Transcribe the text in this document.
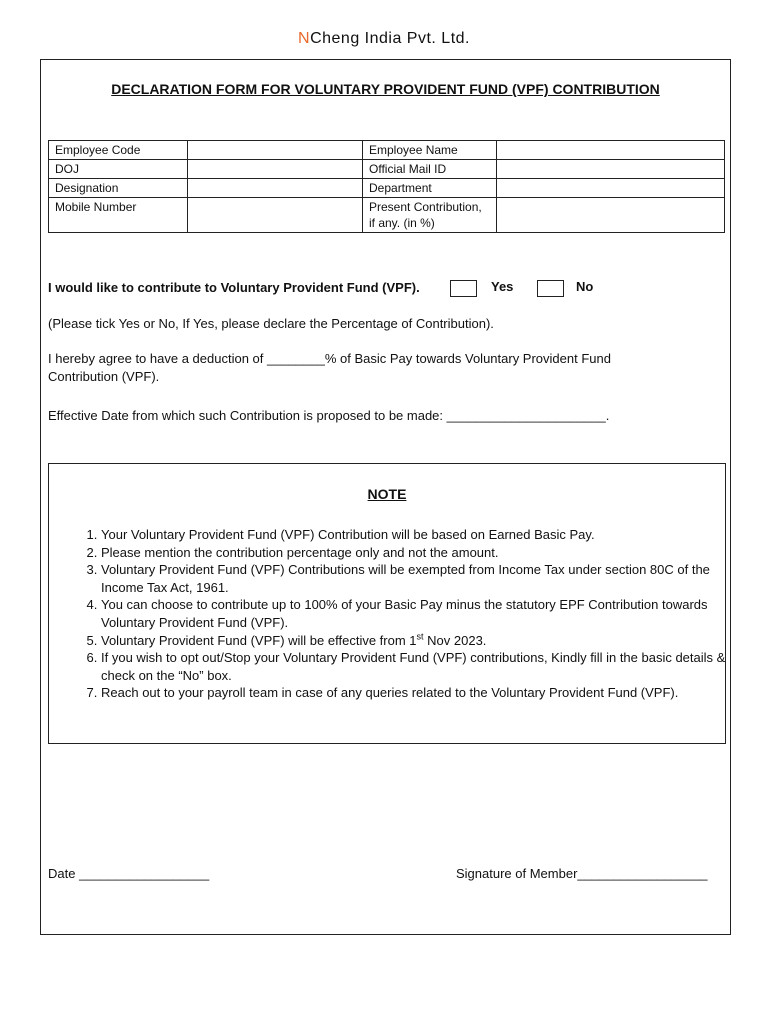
NCheng India Pvt. Ltd.
DECLARATION FORM FOR VOLUNTARY PROVIDENT FUND (VPF) CONTRIBUTION
Employee Code		Employee Name	
DOJ		Official Mail ID	
Designation		Department	
Mobile Number		Present Contribution,
if any. (in %)	
I would like to contribute to Voluntary Provident Fund (VPF).	Yes	No
(Please tick Yes or No, If Yes, please declare the Percentage of Contribution).
I hereby agree to have a deduction of ________% of Basic Pay towards Voluntary Provident Fund
Contribution (VPF).
Effective Date from which such Contribution is proposed to be made: ______________________.
NOTE
1. Your Voluntary Provident Fund (VPF) Contribution will be based on Earned Basic Pay.
2. Please mention the contribution percentage only and not the amount.
3. Voluntary Provident Fund (VPF) Contributions will be exempted from Income Tax under section 80C of the Income Tax Act, 1961.
4. You can choose to contribute up to 100% of your Basic Pay minus the statutory EPF Contribution towards Voluntary Provident Fund (VPF).
5. Voluntary Provident Fund (VPF) will be effective from 1st Nov 2023.
6. If you wish to opt out/Stop your Voluntary Provident Fund (VPF) contributions, Kindly fill in the basic details & check on the “No” box.
7. Reach out to your payroll team in case of any queries related to the Voluntary Provident Fund (VPF).
Date __________________	Signature of Member__________________
